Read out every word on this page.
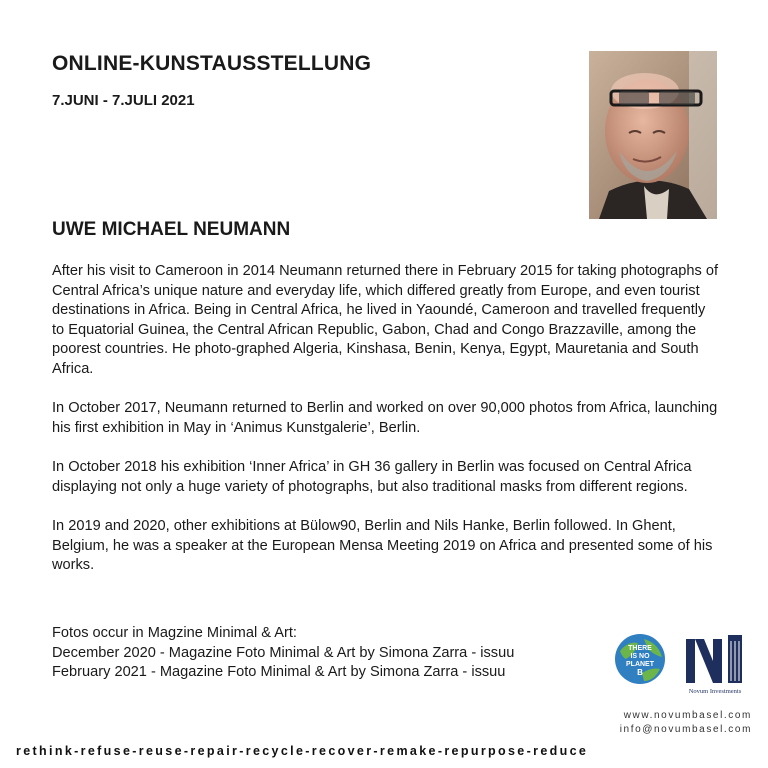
ONLINE-KUNSTAUSSTELLUNG
7.JUNI - 7.JULI 2021
UWE MICHAEL NEUMANN

After his visit to Cameroon in 2014 Neumann returned there in February 2015 for taking photographs of Central Africa’s unique nature and everyday life, which differed greatly from Europe, and even tourist destinations in Africa. Being in Central Africa, he lived in Yaoundé, Cameroon and travelled frequently to Equatorial Guinea, the Central African Republic, Gabon, Chad and Congo Brazzaville, among the poorest countries. He photo-graphed Algeria, Kinshasa, Benin, Kenya, Egypt, Mauretania and South Africa.

In October 2017, Neumann returned to Berlin and worked on over 90,000 photos from Africa, launching his first exhibition in May in ‘Animus Kunstgalerie’, Berlin.

In October 2018 his exhibition ‘Inner Africa’ in GH 36 gallery in Berlin was focused on Central Africa displaying not only a huge variety of photographs, but also traditional masks from different regions.

In 2019 and 2020, other exhibitions at Bülow90, Berlin and Nils Hanke, Berlin followed. In Ghent, Belgium, he was a speaker at the European Mensa Meeting 2019 on Africa and presented some of his works.

Fotos occur in Magzine Minimal & Art:
December 2020 - Magazine Foto Minimal & Art by Simona Zarra - issuu
February 2021 - Magazine Foto Minimal & Art by Simona Zarra - issuu
THERE
IS NO
PLANET
B
Novum Investments
www.novumbasel.com
info@novumbasel.com
rethink-refuse-reuse-repair-recycle-recover-remake-repurpose-reduce
